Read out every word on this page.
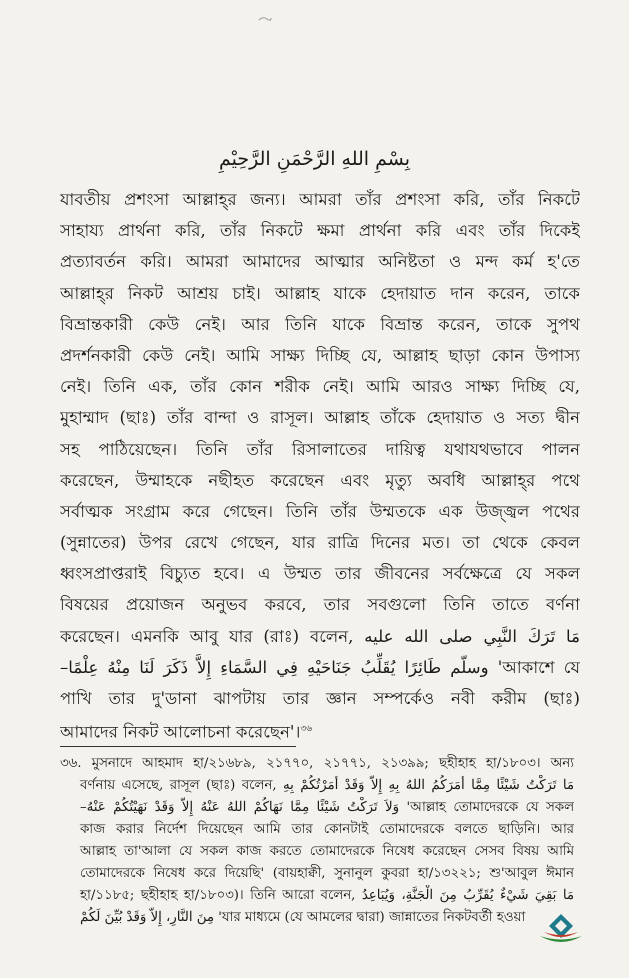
بِسْمِ اللهِ الرَّحْمَنِ الرَّحِيْمِ
যাবতীয় প্রশংসা আল্লাহ্‌র জন্য। আমরা তাঁর প্রশংসা করি, তাঁর নিকটে
সাহায্য প্রার্থনা করি, তাঁর নিকটে ক্ষমা প্রার্থনা করি এবং তাঁর দিকেই
প্রত্যাবর্তন করি। আমরা আমাদের আত্মার অনিষ্টতা ও মন্দ কর্ম হ'তে
আল্লাহ্‌র নিকট আশ্রয় চাই। আল্লাহ যাকে হেদায়াত দান করেন, তাকে
বিভ্রান্তকারী কেউ নেই। আর তিনি যাকে বিভ্রান্ত করেন, তাকে সুপথ
প্রদর্শনকারী কেউ নেই। আমি সাক্ষ্য দিচ্ছি যে, আল্লাহ ছাড়া কোন উপাস্য
নেই। তিনি এক, তাঁর কোন শরীক নেই। আমি আরও সাক্ষ্য দিচ্ছি যে,
মুহাম্মাদ (ছাঃ) তাঁর বান্দা ও রাসূল। আল্লাহ তাঁকে হেদায়াত ও সত্য দ্বীন
সহ পাঠিয়েছেন। তিনি তাঁর রিসালাতের দায়িত্ব যথাযথভাবে পালন
করেছেন, উম্মাহকে নছীহত করেছেন এবং মৃত্যু অবধি আল্লাহ্‌র পথে
সর্বাত্মক সংগ্রাম করে গেছেন। তিনি তাঁর উম্মতকে এক উজ্জ্বল পথের
(সুন্নাতের) উপর রেখে গেছেন, যার রাত্রি দিনের মত। তা থেকে কেবল
ধ্বংসপ্রাপ্তরাই বিচ্যুত হবে। এ উম্মত তার জীবনের সর্বক্ষেত্রে যে সকল
বিষয়ের প্রয়োজন অনুভব করবে, তার সবগুলো তিনি তাতে বর্ণনা
করেছেন। এমনকি আবু যার (রাঃ) বলেন, مَا تَرَكَ النَّبِي صلى الله عليه
وسلّم طَائِرًا يُقَلِّبُ جَنَاحَيْهِ فِي السَّمَاءِ إِلاَّ ذَكَرَ لَنَا مِنْهُ عِلْمًا– 'আকাশে যে
পাখি তার দু'ডানা ঝাপটায় তার জ্ঞান সম্পর্কেও নবী করীম (ছাঃ)
আমাদের নিকট আলোচনা করেছেন'।$^{৩৬}$
৩৬. মুসনাদে আহমাদ হা/২১৬৮৯, ২১৭৭০, ২১৭৭১, ২১৩৯৯; ছহীহাহ হা/১৮০৩। অন্য
বর্ণনায় এসেছে, রাসূল (ছাঃ) বলেন, مَا تَرَكْتُ شَيْئًا مِمَّا أَمَرَكُمُ اللهُ بِهِ إِلاَّ وَقَدْ أَمَرْتُكُمْ بِهِ
وَلاَ تَرَكْتُ شَيْئًا مِمَّا نَهَاكُمْ اللهُ عَنْهُ إِلاَّ وَقَدْ نَهَيْتُكُمْ عَنْهُ– 'আল্লাহ তোমাদেরকে যে সকল
কাজ করার নির্দেশ দিয়েছেন আমি তার কোনটাই তোমাদেরকে বলতে ছাড়িনি। আর
আল্লাহ তা'আলা যে সকল কাজ করতে তোমাদেরকে নিষেধ করেছেন সেসব বিষয় আমি
তোমাদেরকে নিষেধ করে দিয়েছি' (বায়হাক্বী, সুনানুল কুবরা হা/১৩২২১; শু'আবুল ঈমান
হা/১১৮৫; ছহীহাহ হা/১৮০৩)। তিনি আরো বলেন, مَا بَقِيَ شَيْءٌ يُقَرِّبُ مِنَ الْجَنَّةِ، وَيُبَاعِدُ
مِنَ النَّارِ، إِلاَّ وَقَدْ بُيِّنَ لَكُمْ 'যার মাধ্যমে (যে আমলের দ্বারা) জান্নাতের নিকটবর্তী হওয়া
